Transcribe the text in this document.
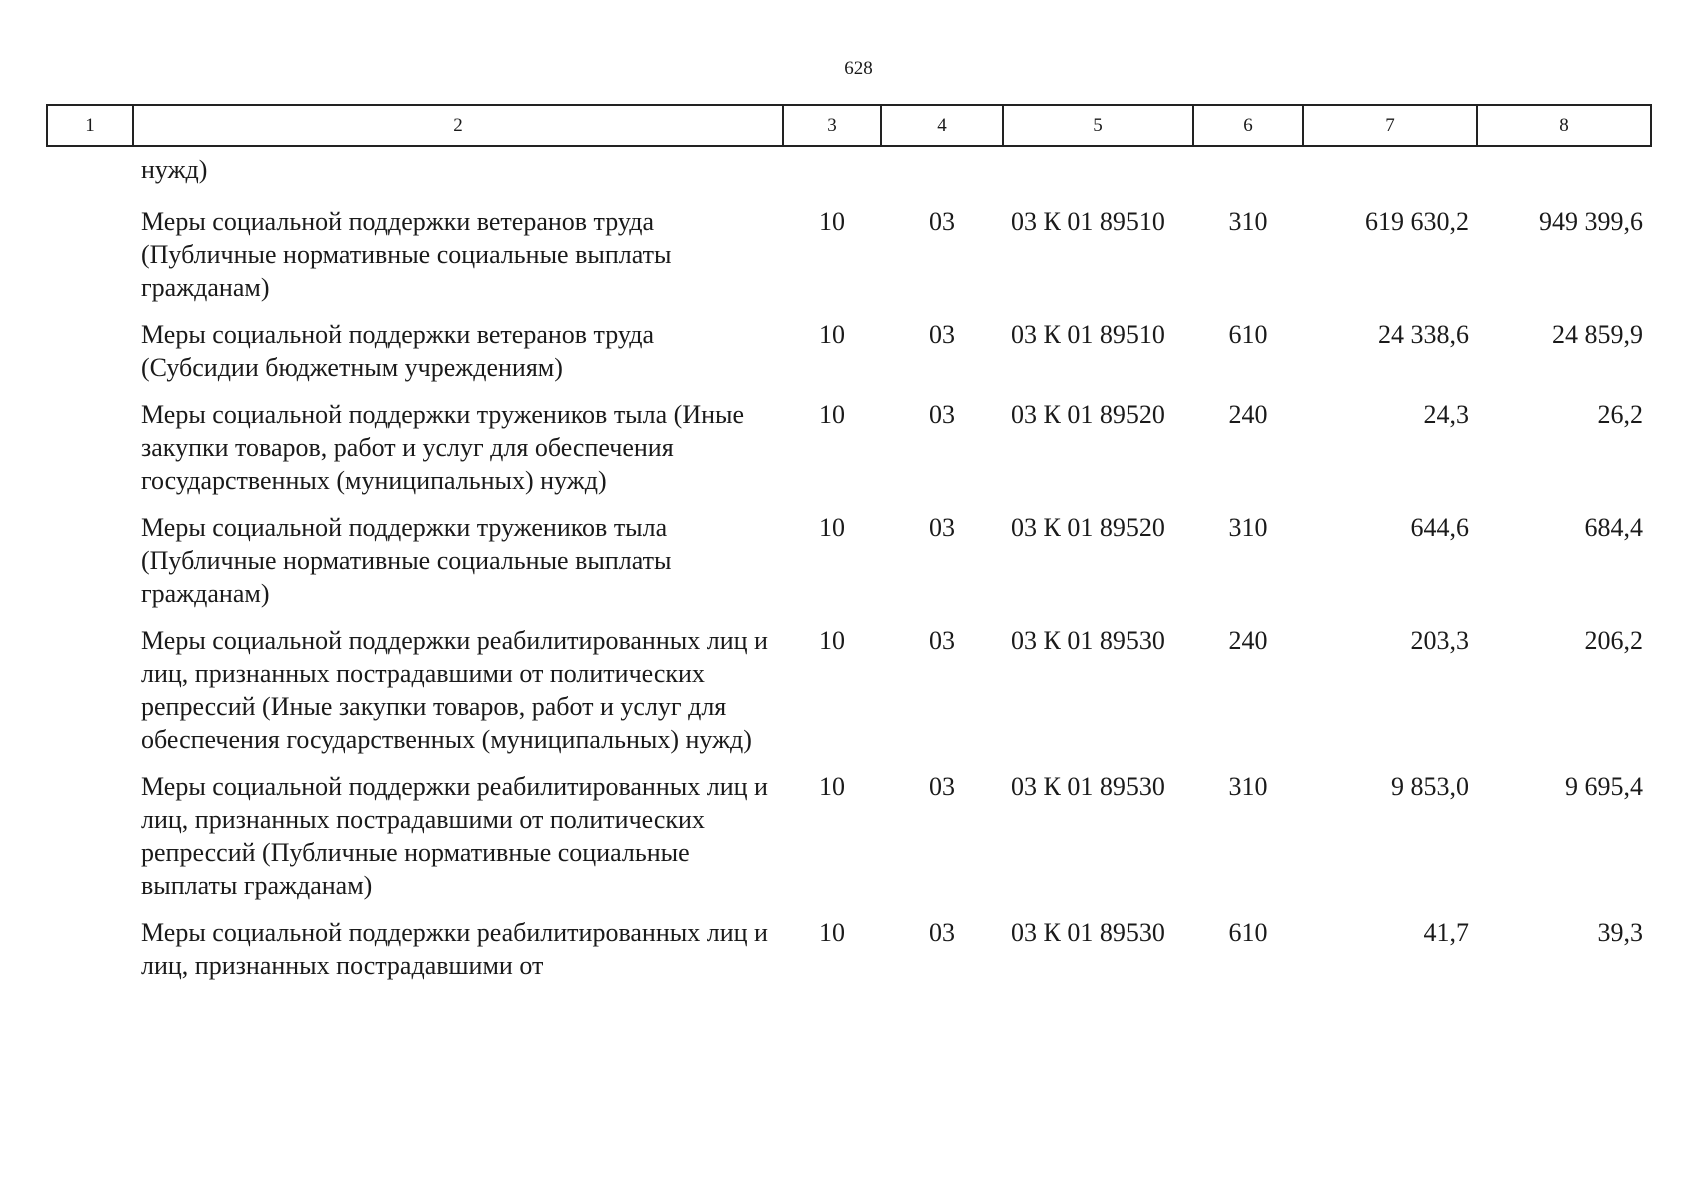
628
1	2	3	4	5	6	7	8
	нужд)						
	Меры социальной поддержки ветеранов труда (Публичные нормативные социальные выплаты гражданам)	10	03	03 К 01 89510	310	619 630,2	949 399,6
	Меры социальной поддержки ветеранов труда (Субсидии бюджетным учреждениям)	10	03	03 К 01 89510	610	24 338,6	24 859,9
	Меры социальной поддержки тружеников тыла (Иные закупки товаров, работ и услуг для обеспечения государственных (муниципальных) нужд)	10	03	03 К 01 89520	240	24,3	26,2
	Меры социальной поддержки тружеников тыла (Публичные нормативные социальные выплаты гражданам)	10	03	03 К 01 89520	310	644,6	684,4
	Меры социальной поддержки реабилитированных лиц и лиц, признанных пострадавшими от политических репрессий (Иные закупки товаров, работ и услуг для обеспечения государственных (муниципальных) нужд)	10	03	03 К 01 89530	240	203,3	206,2
	Меры социальной поддержки реабилитированных лиц и лиц, признанных пострадавшими от политических репрессий (Публичные нормативные социальные выплаты гражданам)	10	03	03 К 01 89530	310	9 853,0	9 695,4
	Меры социальной поддержки реабилитированных лиц и лиц, признанных пострадавшими от	10	03	03 К 01 89530	610	41,7	39,3
